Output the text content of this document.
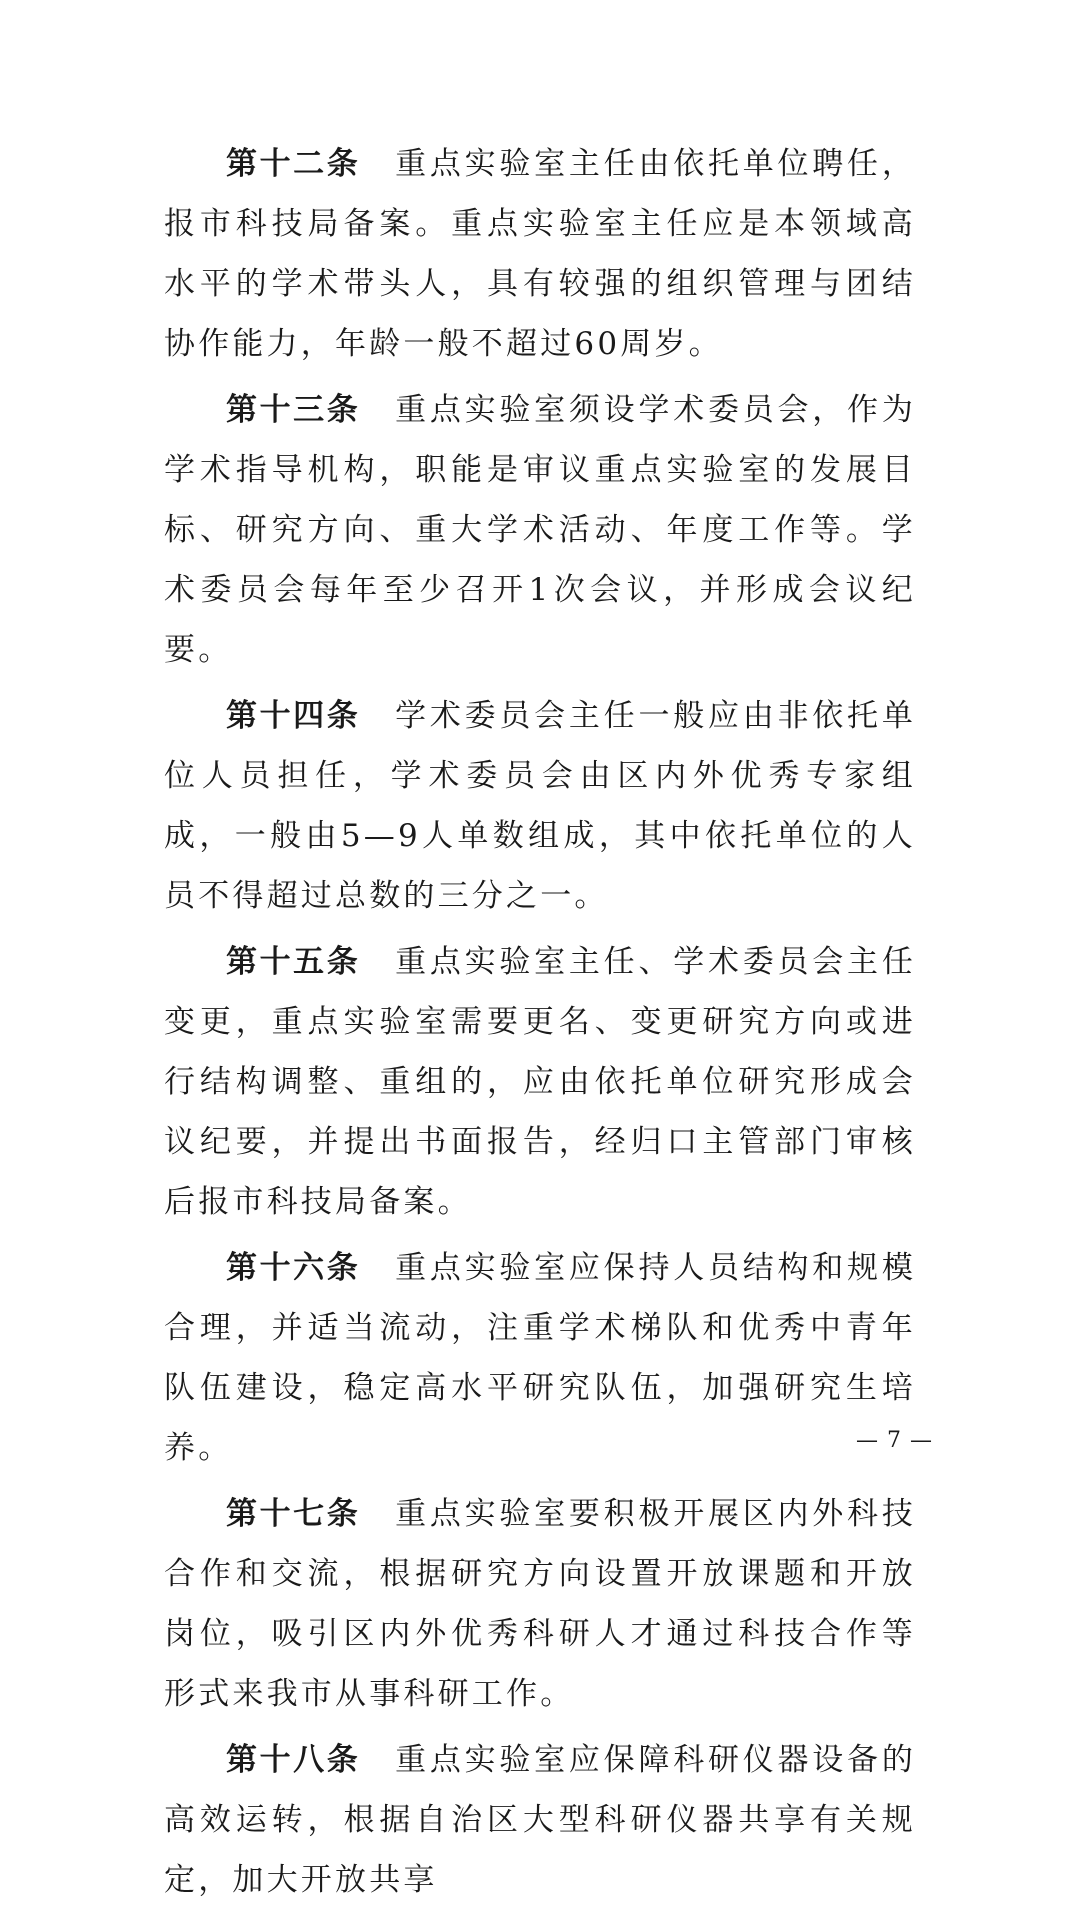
第十二条　 重点实验室主任由依托单位聘任，报市科技局备案。重点实验室主任应是本领域高水平的学术带头人，具有较强的组织管理与团结协作能力，年龄一般不超过60周岁。

第十三条　 重点实验室须设学术委员会，作为学术指导机构，职能是审议重点实验室的发展目标、研究方向、重大学术活动、年度工作等。学术委员会每年至少召开1次会议，并形成会议纪要。

第十四条　 学术委员会主任一般应由非依托单位人员担任，学术委员会由区内外优秀专家组成，一般由5—9人单数组成，其中依托单位的人员不得超过总数的三分之一。

第十五条　 重点实验室主任、学术委员会主任变更，重点实验室需要更名、变更研究方向或进行结构调整、重组的，应由依托单位研究形成会议纪要，并提出书面报告，经归口主管部门审核后报市科技局备案。

第十六条　 重点实验室应保持人员结构和规模合理，并适当流动，注重学术梯队和优秀中青年队伍建设，稳定高水平研究队伍，加强研究生培养。

第十七条　 重点实验室要积极开展区内外科技合作和交流，根据研究方向设置开放课题和开放岗位，吸引区内外优秀科研人才通过科技合作等形式来我市从事科研工作。

第十八条　 重点实验室应保障科研仪器设备的高效运转，根据自治区大型科研仪器共享有关规定，加大开放共享

— 7 —
